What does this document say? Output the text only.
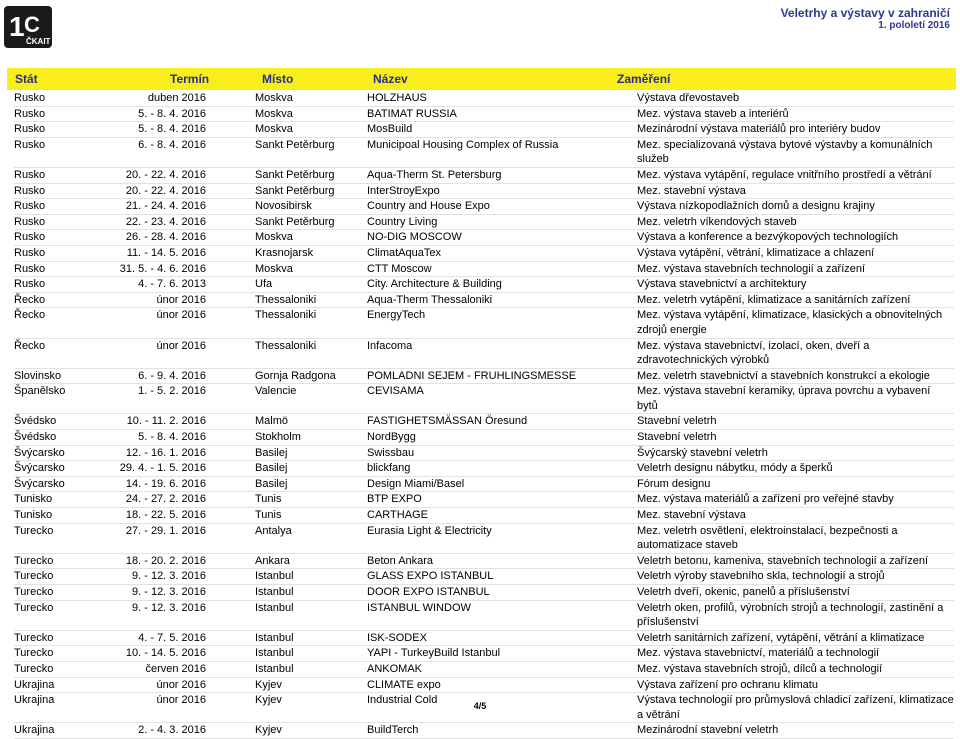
1 C
ČKAIT
Veletrhy a výstavy v zahraničí
1. pololetí 2016
Stát	Termín	Místo	Název	Zaměření
Rusko	duben 2016		Moskva	HOLZHAUS	Výstava dřevostaveb
Rusko	5. - 8. 4. 2016		Moskva	BATIMAT RUSSIA	Mez. výstava staveb a interiérů
Rusko	5. - 8. 4. 2016		Moskva	MosBuild	Mezinárodní výstava materiálů pro interiéry budov
Rusko	6. - 8. 4. 2016		Sankt Petěrburg	Municipoal Housing Complex of Russia	Mez. specializovaná výstava bytové výstavby a komunálních služeb
Rusko	20. - 22. 4. 2016		Sankt Petěrburg	Aqua-Therm St. Petersburg	Mez. výstava vytápění, regulace vnitřního prostředí a větrání
Rusko	20. - 22. 4. 2016		Sankt Petěrburg	InterStroyExpo	Mez. stavební výstava
Rusko	21. - 24. 4. 2016		Novosibirsk	Country and House Expo	Výstava nízkopodlažních domů a designu krajiny
Rusko	22. - 23. 4. 2016		Sankt Petěrburg	Country Living	Mez. veletrh víkendových staveb
Rusko	26. - 28. 4. 2016		Moskva	NO-DIG MOSCOW	Výstava a konference a bezvýkopových technologiích
Rusko	11. - 14. 5. 2016		Krasnojarsk	ClimatAquaTex	Výstava vytápění, větrání, klimatizace a chlazení
Rusko	31. 5. - 4. 6. 2016		Moskva	CTT Moscow	Mez. výstava stavebních technologií a zařízení
Rusko	4. - 7. 6. 2013		Ufa	City. Architecture & Building	Výstava stavebnictví a architektury
Řecko	únor 2016		Thessaloniki	Aqua-Therm Thessaloniki	Mez. veletrh vytápění, klimatizace a sanitárních zařízení
Řecko	únor 2016		Thessaloniki	EnergyTech	Mez. výstava vytápění, klimatizace, klasických a obnovitelných zdrojů energie
Řecko	únor 2016		Thessaloniki	Infacoma	Mez. výstava stavebnictví, izolací, oken, dveří a zdravotechnických výrobků
Slovinsko	6. - 9. 4. 2016		Gornja Radgona	POMLADNI SEJEM - FRUHLINGSMESSE	Mez. veletrh stavebnictví a stavebních konstrukcí a ekologie
Španělsko	1. - 5. 2. 2016		Valencie	CEVISAMA	Mez. výstava stavební keramiky, úprava povrchu a vybavení bytů
Švédsko	10. - 11. 2. 2016		Malmö	FASTIGHETSMÄSSAN Öresund	Stavební veletrh
Švédsko	5. - 8. 4. 2016		Stokholm	NordBygg	Stavební veletrh
Švýcarsko	12. - 16. 1. 2016		Basilej	Swissbau	Švýcarský stavební veletrh
Švýcarsko	29. 4. - 1. 5. 2016		Basilej	blickfang	Veletrh designu nábytku, módy a šperků
Švýcarsko	14. - 19. 6. 2016		Basilej	Design Miami/Basel	Fórum designu
Tunisko	24. - 27. 2. 2016		Tunis	BTP EXPO	Mez. výstava materiálů a zařízení pro veřejné stavby
Tunisko	18. - 22. 5. 2016		Tunis	CARTHAGE	Mez. stavební výstava
Turecko	27. - 29. 1. 2016		Antalya	Eurasia Light & Electricity	Mez. veletrh osvětlení, elektroinstalací, bezpečnosti a automatizace staveb
Turecko	18. - 20. 2. 2016		Ankara	Beton Ankara	Veletrh betonu, kameniva, stavebních technologií a zařízení
Turecko	9. - 12. 3. 2016		Istanbul	GLASS EXPO ISTANBUL	Veletrh výroby stavebního skla, technologií a strojů
Turecko	9. - 12. 3. 2016		Istanbul	DOOR EXPO ISTANBUL	Veletrh dveří, okenic, panelů a příslušenství
Turecko	9. - 12. 3. 2016		Istanbul	ISTANBUL WINDOW	Veletrh oken, profilů, výrobních strojů a technologií, zastínění a příslušenství
Turecko	4. - 7. 5. 2016		Istanbul	ISK-SODEX	Veletrh sanitárních zařízení, vytápění, větrání a klimatizace
Turecko	10. - 14. 5. 2016		Istanbul	YAPI - TurkeyBuild Istanbul	Mez. výstava stavebnictví, materiálů a technologií
Turecko	červen 2016		Istanbul	ANKOMAK	Mez. výstava stavebních strojů, dílců a technologií
Ukrajina	únor 2016		Kyjev	CLIMATE expo	Výstava zařízení pro ochranu klimatu
Ukrajina	únor 2016		Kyjev	Industrial Cold	Výstava technologií pro průmyslová chladicí zařízení, klimatizace a větrání
Ukrajina	2. - 4. 3. 2016		Kyjev	BuildTerch	Mezinárodní stavební veletrh
4/5
